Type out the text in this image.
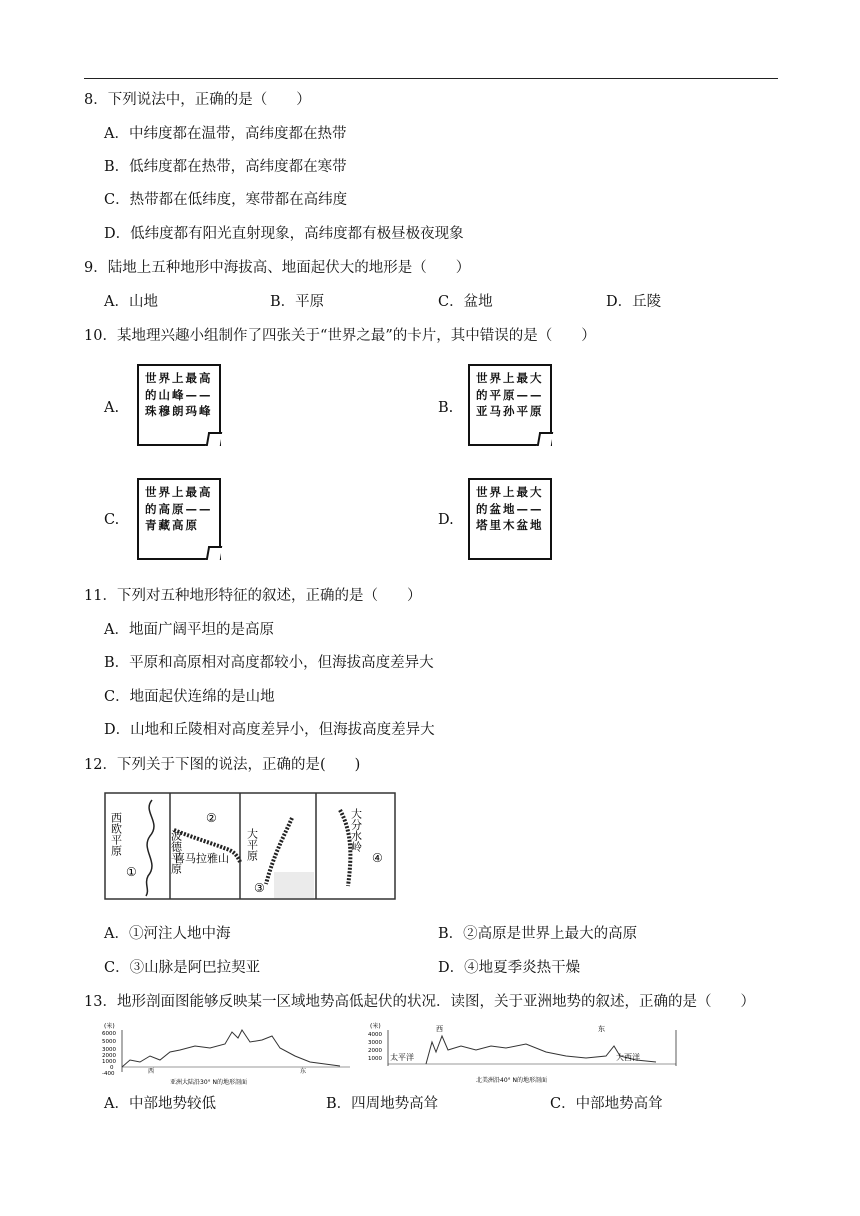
8．下列说法中，正确的是（　　）
A．中纬度都在温带，高纬度都在热带
B．低纬度都在热带，高纬度都在寒带
C．热带都在低纬度，寒带都在高纬度
D．低纬度都有阳光直射现象，高纬度都有极昼极夜现象
9．陆地上五种地形中海拔高、地面起伏大的地形是（　　）
A．山地	B．平原	C．盆地	D．丘陵
10．某地理兴趣小组制作了四张关于“世界之最”的卡片，其中错误的是（　　）
A.
世界上最高的山峰——珠穆朗玛峰	B.
世界上最大的平原——亚马孙平原
C.
世界上最高的高原——青藏高原	D.
世界上最大的盆地——塔里木盆地
11．下列对五种地形特征的叙述，正确的是（　　）
A．地面广阔平坦的是高原
B．平原和高原相对高度都较小，但海拔高度差异大
C．地面起伏连绵的是山地
D．山地和丘陵相对高度差异小，但海拔高度差异大
12．下列关于下图的说法，正确的是(　　)
西欧平原
①	波德平原
②
喜马拉雅山 大平原
③
大分水岭
④
A．①河注人地中海	B．②高原是世界上最大的高原
C．③山脉是阿巴拉契亚	D．④地夏季炎热干燥
13．地形剖面图能够反映某一区域地势高低起伏的状况．读图，关于亚洲地势的叙述，正确的是（　　）
(米)
6000
5000
3000
2000
1000
0
-400	西	东
亚洲大陆沿30° N的地形剖面
(米)
4000
3000
2000
1000
西	东
太平洋	大西洋
北美洲沿40° N的地形剖面
A．中部地势较低	B．四周地势高耸	C．中部地势高耸
